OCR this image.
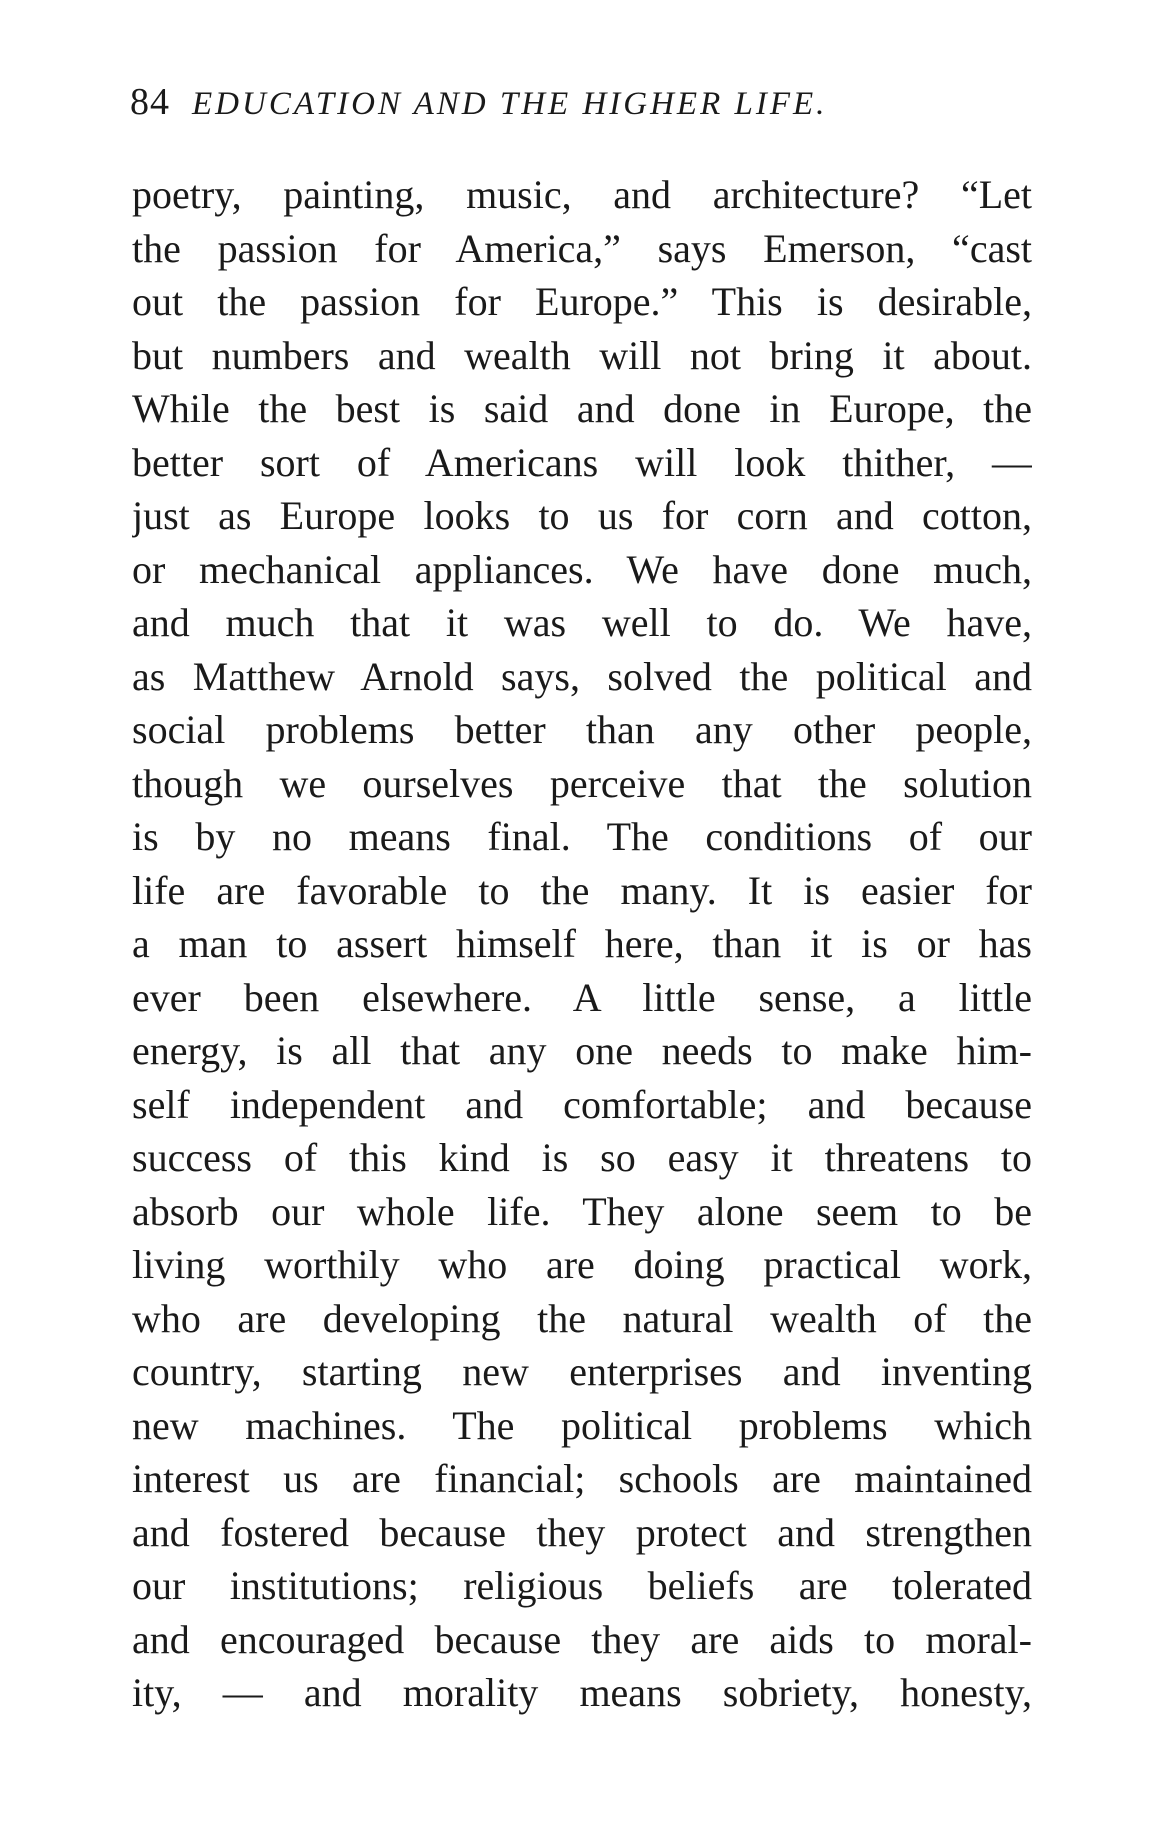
84 EDUCATION AND THE HIGHER LIFE.
poetry, painting, music, and architecture? “Let
the passion for America,” says Emerson, “cast
out the passion for Europe.” This is desirable,
but numbers and wealth will not bring it about.
While the best is said and done in Europe, the
better sort of Americans will look thither, —
just as Europe looks to us for corn and cotton,
or mechanical appliances. We have done much,
and much that it was well to do. We have,
as Matthew Arnold says, solved the political and
social problems better than any other people,
though we ourselves perceive that the solution
is by no means final. The conditions of our
life are favorable to the many. It is easier for
a man to assert himself here, than it is or has
ever been elsewhere. A little sense, a little
energy, is all that any one needs to make him-
self independent and comfortable; and because
success of this kind is so easy it threatens to
absorb our whole life. They alone seem to be
living worthily who are doing practical work,
who are developing the natural wealth of the
country, starting new enterprises and inventing
new machines. The political problems which
interest us are financial; schools are maintained
and fostered because they protect and strengthen
our institutions; religious beliefs are tolerated
and encouraged because they are aids to moral-
ity, — and morality means sobriety, honesty,
